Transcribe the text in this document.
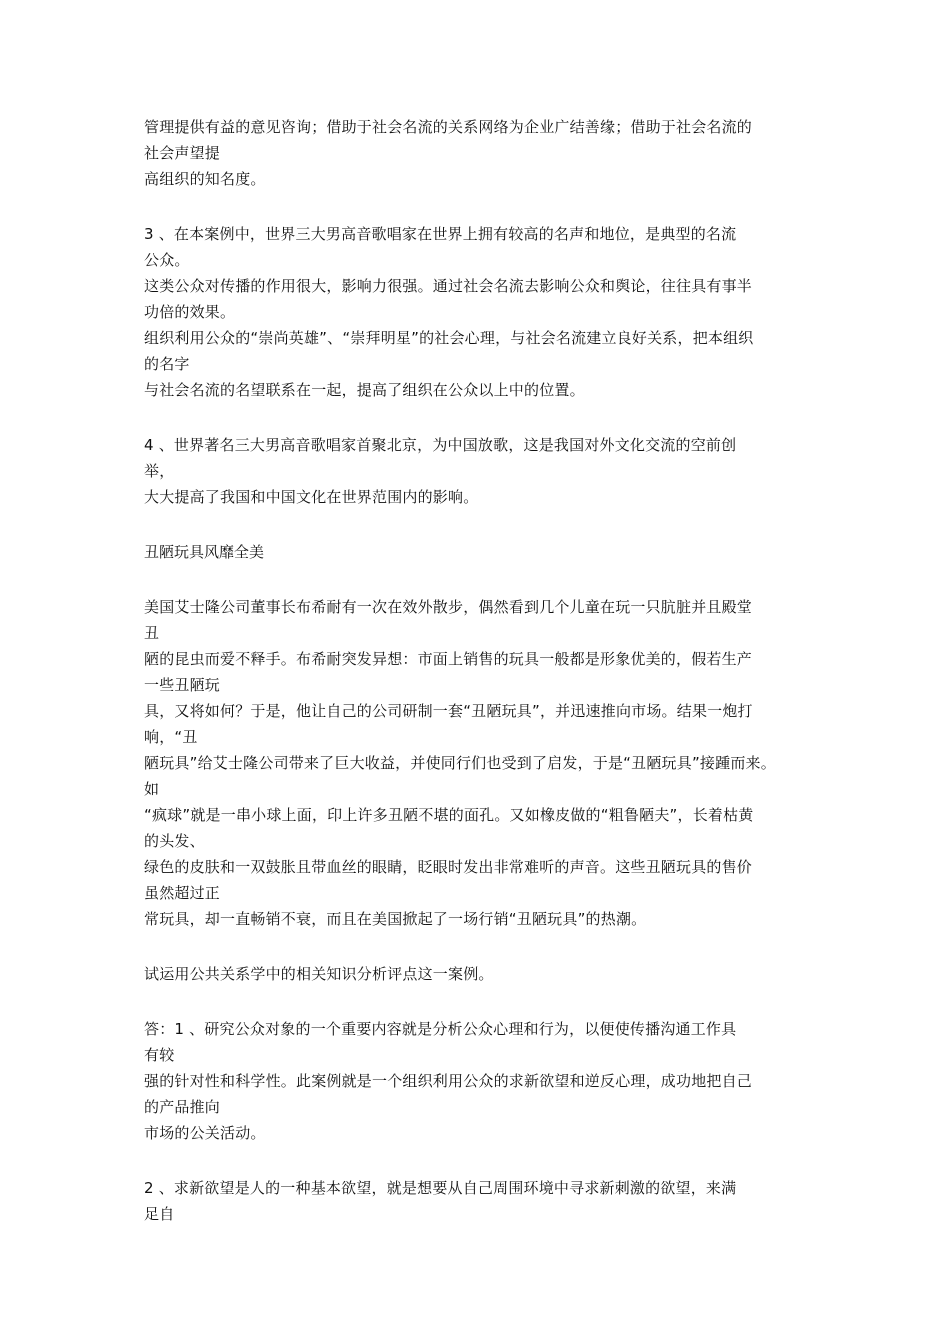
管理提供有益的意见咨询；借助于社会名流的关系网络为企业广结善缘；借助于社会名流的
社会声望提
高组织的知名度。
3 、在本案例中，世界三大男高音歌唱家在世界上拥有较高的名声和地位，是典型的名流
公众。
这类公众对传播的作用很大，影响力很强。通过社会名流去影响公众和舆论，往往具有事半
功倍的效果。
组织利用公众的“崇尚英雄”、“崇拜明星”的社会心理，与社会名流建立良好关系，把本组织
的名字
与社会名流的名望联系在一起，提高了组织在公众以上中的位置。
4 、世界著名三大男高音歌唱家首聚北京，为中国放歌，这是我国对外文化交流的空前创
举，
大大提高了我国和中国文化在世界范围内的影响。
丑陋玩具风靡全美
美国艾士隆公司董事长布希耐有一次在效外散步，偶然看到几个儿童在玩一只肮脏并且殿堂
丑
陋的昆虫而爱不释手。布希耐突发异想：市面上销售的玩具一般都是形象优美的，假若生产
一些丑陋玩
具，又将如何？于是，他让自己的公司研制一套“丑陋玩具”，并迅速推向市场。结果一炮打
响，“丑
陋玩具”给艾士隆公司带来了巨大收益，并使同行们也受到了启发，于是“丑陋玩具”接踵而来。
如
“疯球”就是一串小球上面，印上许多丑陋不堪的面孔。又如橡皮做的“粗鲁陋夫”，长着枯黄
的头发、
绿色的皮肤和一双鼓胀且带血丝的眼睛，眨眼时发出非常难听的声音。这些丑陋玩具的售价
虽然超过正
常玩具，却一直畅销不衰，而且在美国掀起了一场行销“丑陋玩具”的热潮。
试运用公共关系学中的相关知识分析评点这一案例。
答：1 、研究公众对象的一个重要内容就是分析公众心理和行为，以便使传播沟通工作具
有较
强的针对性和科学性。此案例就是一个组织利用公众的求新欲望和逆反心理，成功地把自己
的产品推向
市场的公关活动。
2 、求新欲望是人的一种基本欲望，就是想要从自己周围环境中寻求新刺激的欲望，来满
足自
